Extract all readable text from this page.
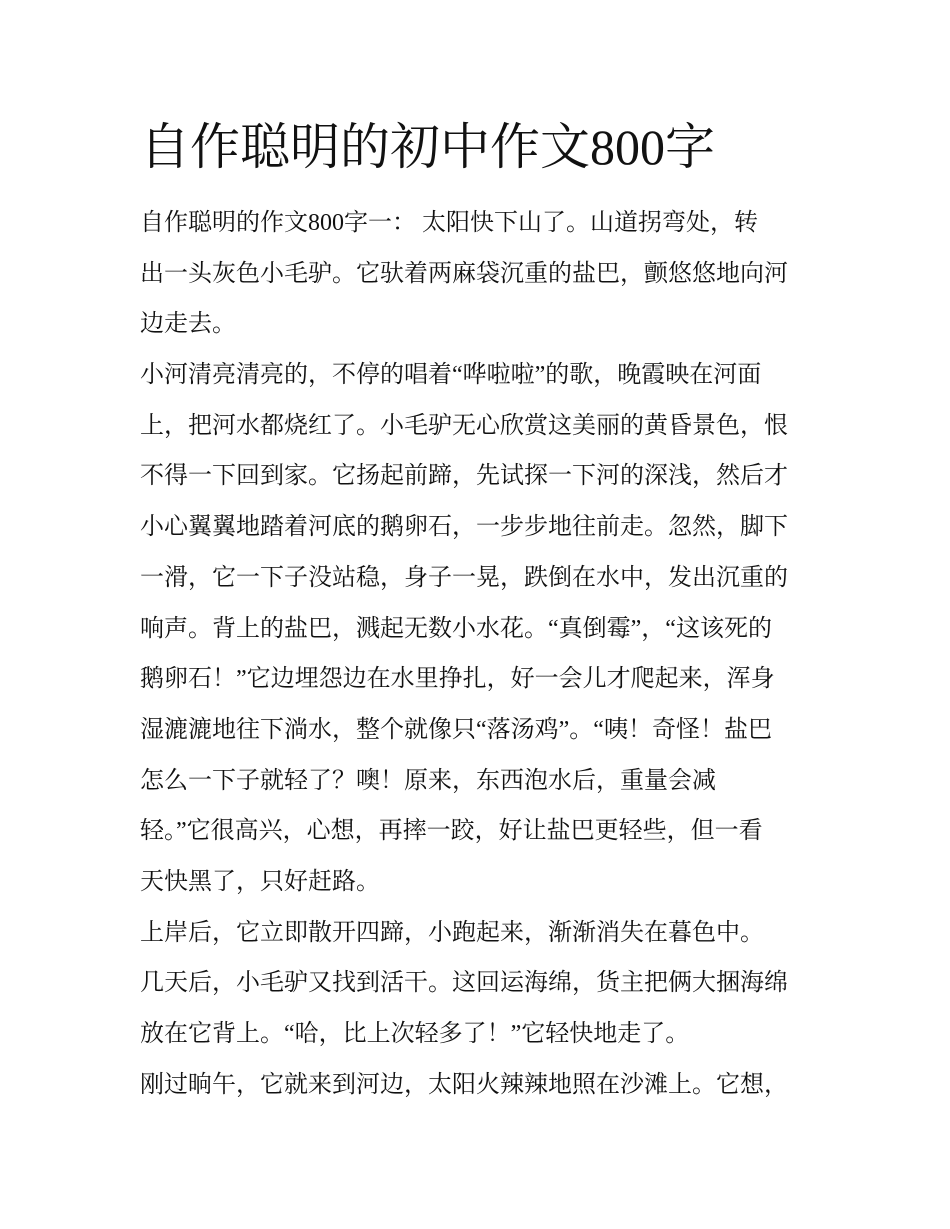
自作聪明的初中作文800字
自作聪明的作文800字一： 太阳快下山了。山道拐弯处，转
出一头灰色小毛驴。它驮着两麻袋沉重的盐巴，颤悠悠地向河
边走去。
小河清亮清亮的，不停的唱着“哗啦啦”的歌，晚霞映在河面
上，把河水都烧红了。小毛驴无心欣赏这美丽的黄昏景色，恨
不得一下回到家。它扬起前蹄，先试探一下河的深浅，然后才
小心翼翼地踏着河底的鹅卵石，一步步地往前走。忽然，脚下
一滑，它一下子没站稳，身子一晃，跌倒在水中，发出沉重的
响声。背上的盐巴，溅起无数小水花。“真倒霉”，“这该死的
鹅卵石！”它边埋怨边在水里挣扎，好一会儿才爬起来，浑身
湿漉漉地往下淌水，整个就像只“落汤鸡”。“咦！奇怪！盐巴
怎么一下子就轻了？噢！原来，东西泡水后，重量会减
轻。”它很高兴，心想，再摔一跤，好让盐巴更轻些，但一看
天快黑了，只好赶路。
上岸后，它立即散开四蹄，小跑起来，渐渐消失在暮色中。
几天后，小毛驴又找到活干。这回运海绵，货主把俩大捆海绵
放在它背上。“哈，比上次轻多了！”它轻快地走了。
刚过晌午，它就来到河边，太阳火辣辣地照在沙滩上。它想，
